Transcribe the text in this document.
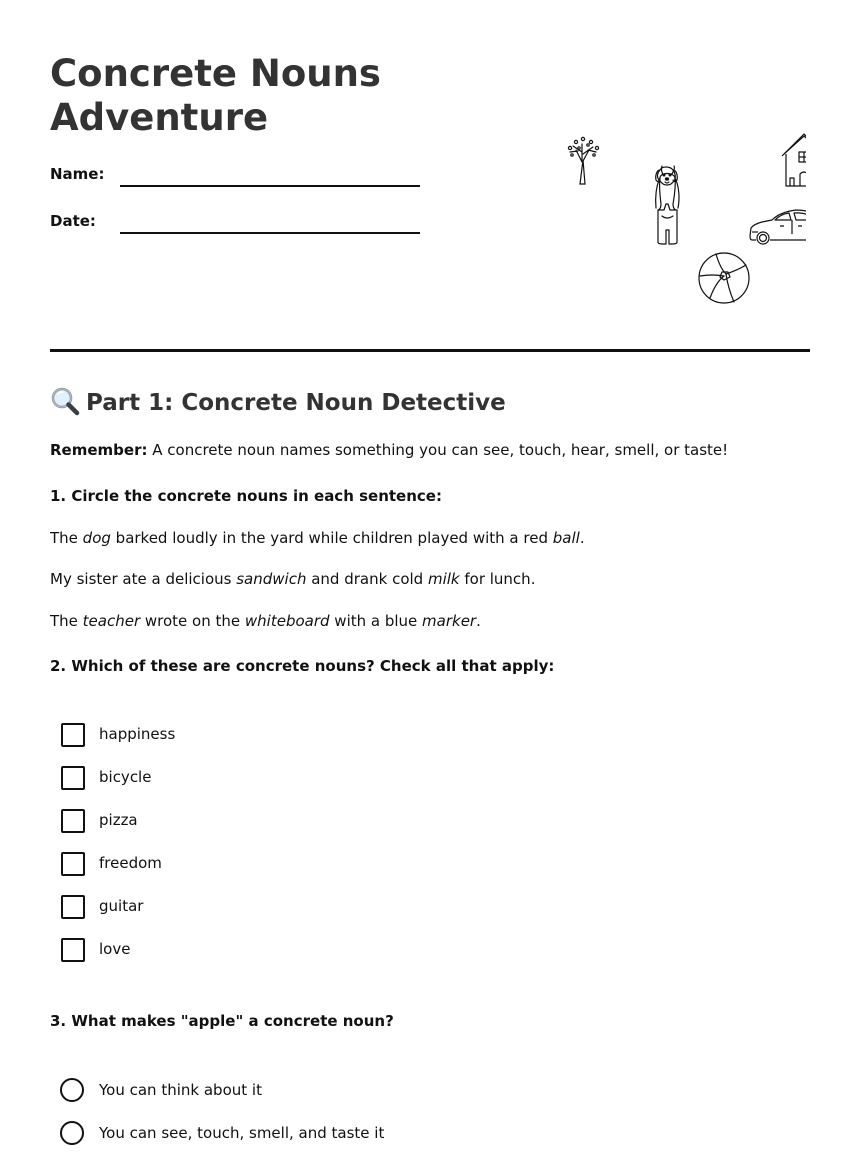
Concrete Nouns
Adventure
Name:
Date:
Part 1: Concrete Noun Detective
Remember: A concrete noun names something you can see, touch, hear, smell, or taste!
1. Circle the concrete nouns in each sentence:
The dog barked loudly in the yard while children played with a red ball.
My sister ate a delicious sandwich and drank cold milk for lunch.
The teacher wrote on the whiteboard with a blue marker.
2. Which of these are concrete nouns? Check all that apply:
happiness
bicycle
pizza
freedom
guitar
love
3. What makes "apple" a concrete noun?
You can think about it
You can see, touch, smell, and taste it
